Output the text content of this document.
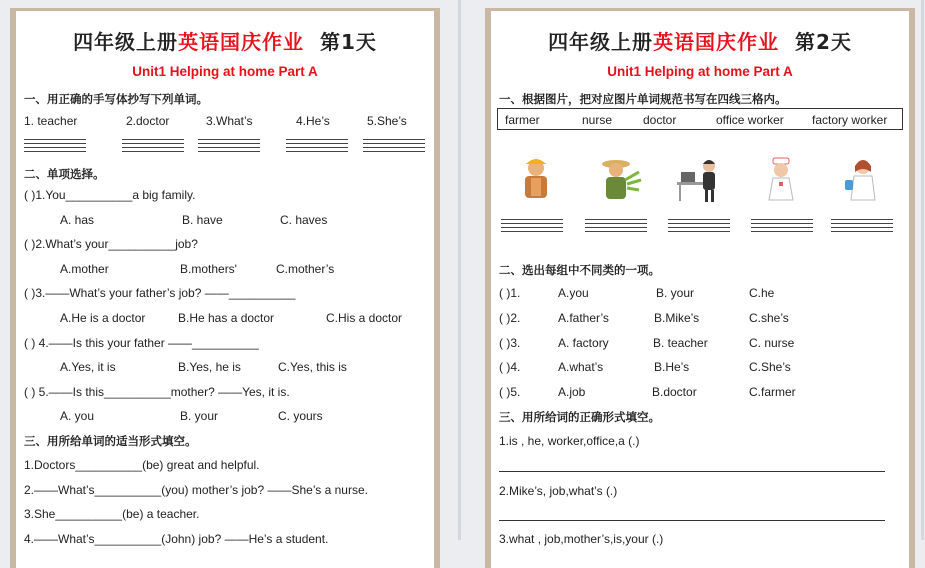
四年级上册英语国庆作业 第1天
Unit1 Helping at home Part A
一、用正确的手写体抄写下列单词。
1. teacher	2.doctor	3.What’s	4.He’s	5.She’s
二、单项选择。
( )1.You__________a big family.
A. has	B. have	C. haves
( )2.What’s your__________job?
A.mother	B.mothers'	C.mother’s
( )3.——What’s your father’s job? ——__________
A.He is a doctor	B.He has a doctor	C.His a doctor
( ) 4.——Is this your father ——__________
A.Yes, it is	B.Yes, he is	C.Yes, this is
( ) 5.——Is this__________mother? ——Yes, it is.
A. you	B. your	C. yours
三、用所给单词的适当形式填空。
1.Doctors__________(be) great and helpful.
2.——What’s__________(you) mother’s job? ——She’s a nurse.
3.She__________(be) a teacher.
4.——What’s__________(John) job? ——He’s a student.
四年级上册英语国庆作业 第2天
Unit1 Helping at home Part A
一、根据图片，把对应图片单词规范书写在四线三格内。
farmer	nurse	doctor	office worker factory worker
二、选出每组中不同类的一项。
( )1.	A.you	B. your	C.he
( )2.	A.father’s	B.Mike’s	C.she’s
( )3.	A. factory	B. teacher	C. nurse
( )4.	A.what’s	B.He’s	C.She’s
( )5.	A.job	B.doctor	C.farmer
三、用所给词的正确形式填空。
1.is , he, worker,office,a (.)
2.Mike’s, job,what’s (.)
3.what , job,mother’s,is,your (.)
